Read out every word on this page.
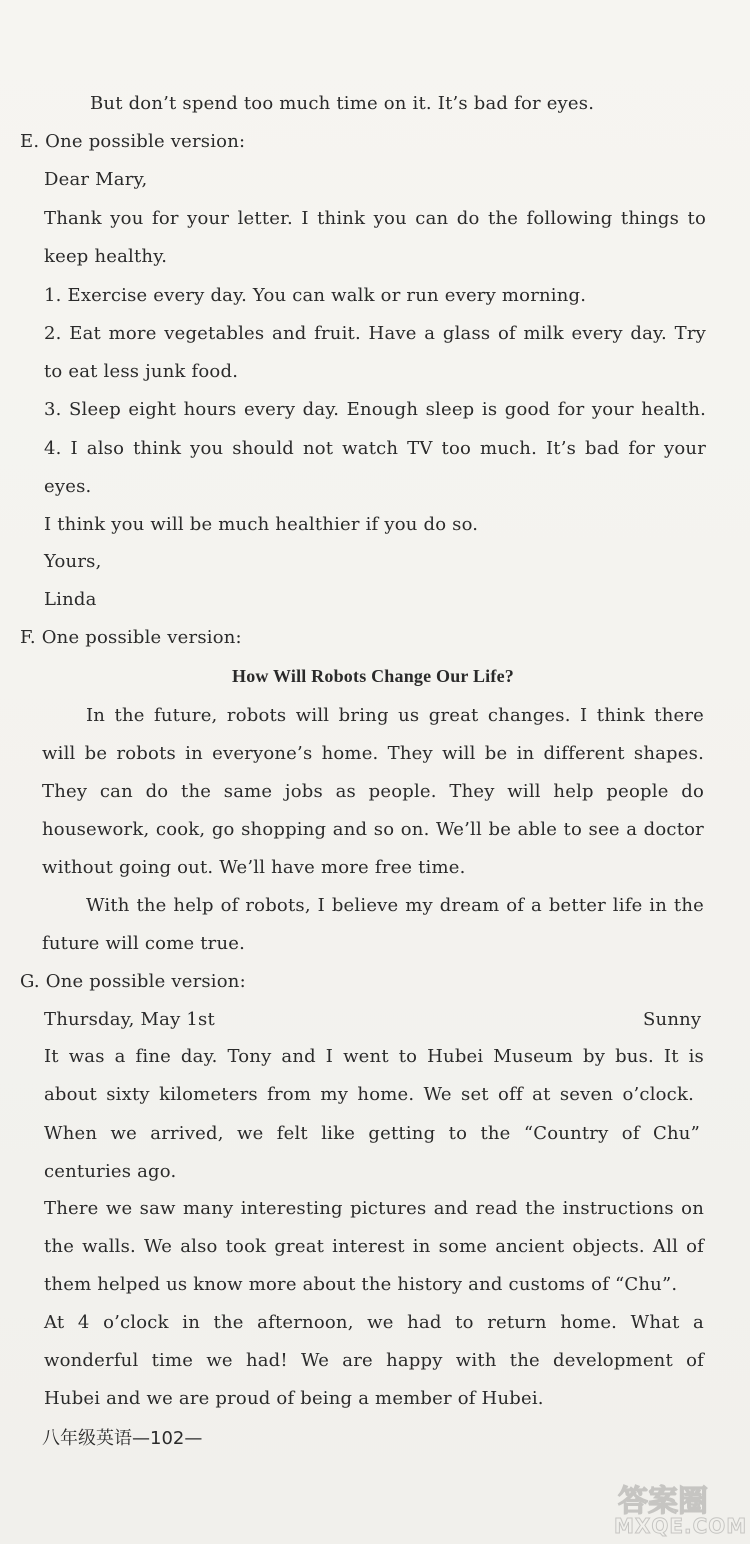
But don’t spend too much time on it. It’s bad for eyes.
E. One possible version:
Dear Mary,
Thank you for your letter. I think you can do the following things to
keep healthy.
1. Exercise every day. You can walk or run every morning.
2. Eat more vegetables and fruit. Have a glass of milk every day. Try
to eat less junk food.
3. Sleep eight hours every day. Enough sleep is good for your health.
4. I also think you should not watch TV too much. It’s bad for your
eyes.
I think you will be much healthier if you do so.
Yours,
Linda
F. One possible version:
How Will Robots Change Our Life?
In the future, robots will bring us great changes. I think there
will be robots in everyone’s home. They will be in different shapes.
They can do the same jobs as people. They will help people do
housework, cook, go shopping and so on. We’ll be able to see a doctor
without going out. We’ll have more free time.
With the help of robots, I believe my dream of a better life in the
future will come true.
G. One possible version:
Thursday, May 1st	Sunny
It was a fine day. Tony and I went to Hubei Museum by bus. It is
about sixty kilometers from my home. We set off at seven o’clock.
When we arrived, we felt like getting to the “Country of Chu”
centuries ago.
There we saw many interesting pictures and read the instructions on
the walls. We also took great interest in some ancient objects. All of
them helped us know more about the history and customs of “Chu”.
At 4 o’clock in the afternoon, we had to return home. What a
wonderful time we had! We are happy with the development of
Hubei and we are proud of being a member of Hubei.
八年级英语—102—
答案圈
MXQE.COM
